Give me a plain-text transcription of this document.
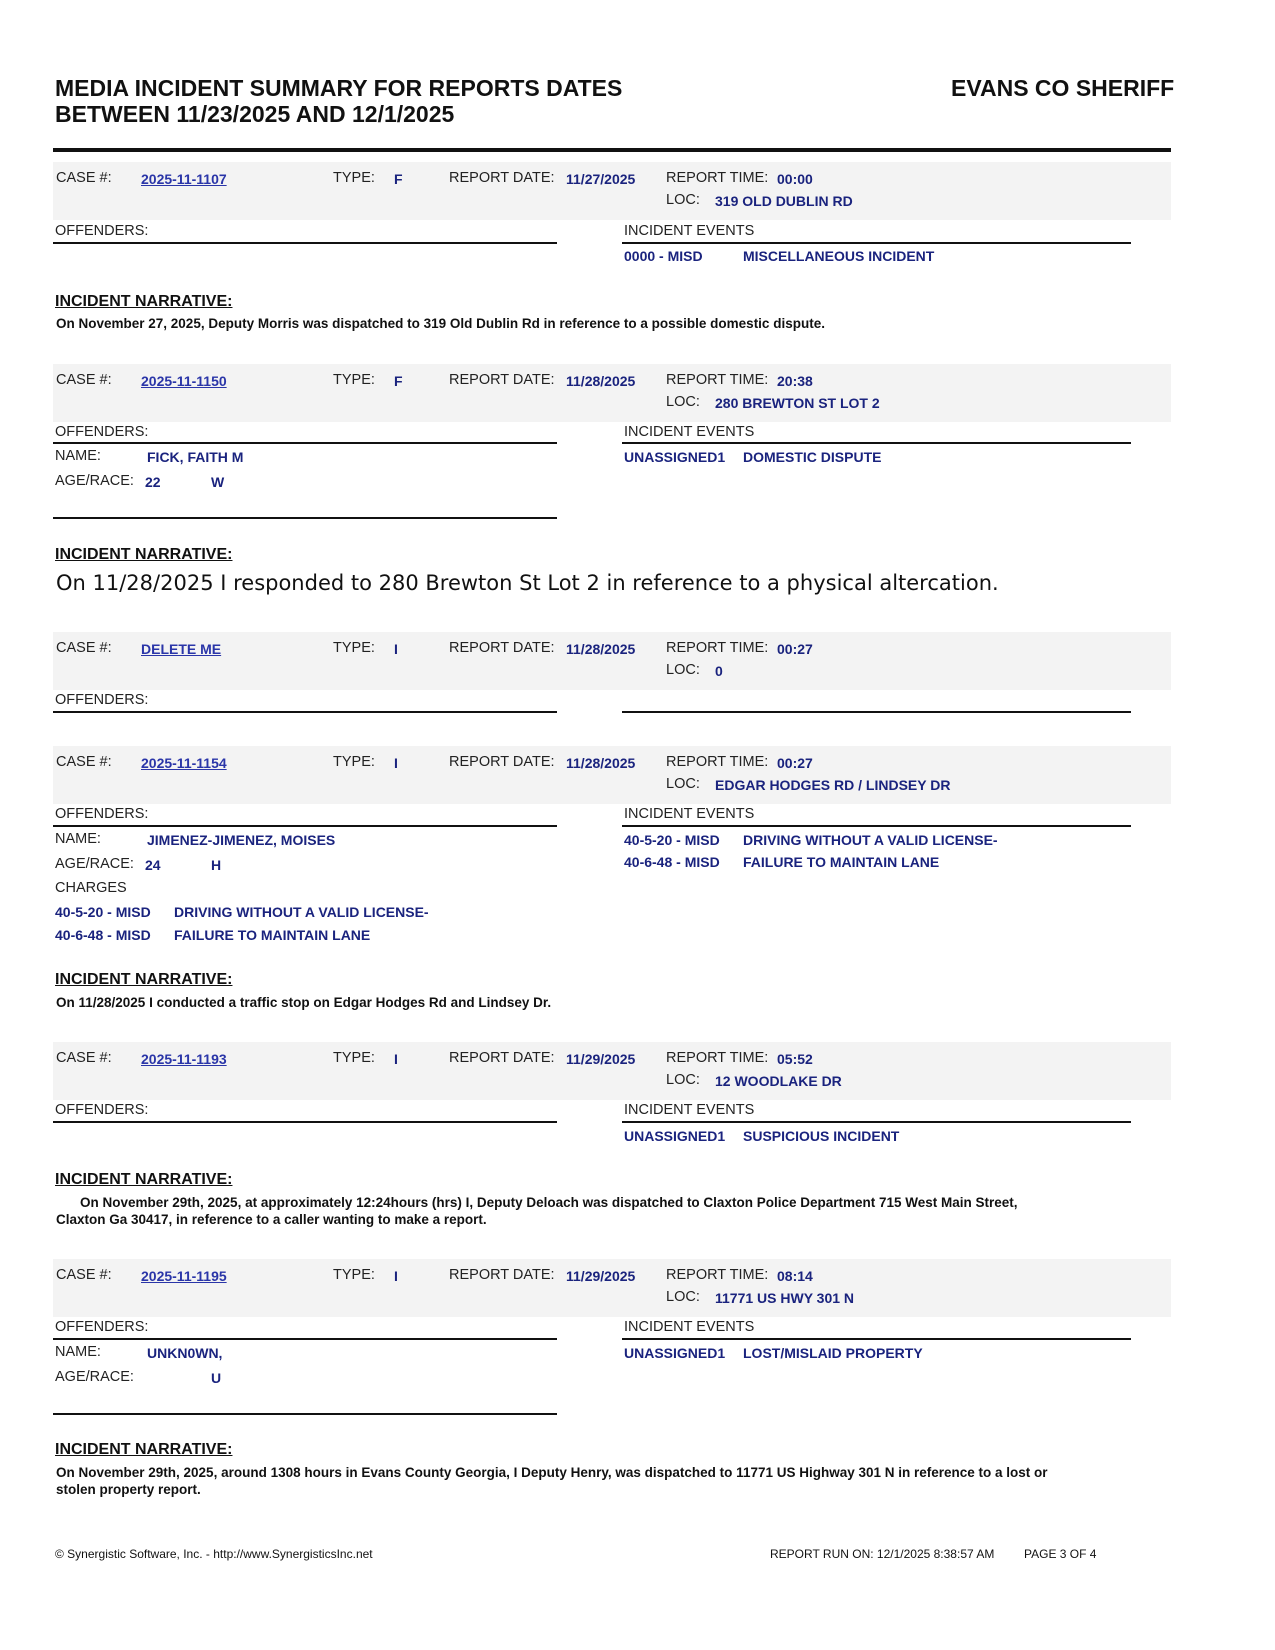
MEDIA INCIDENT SUMMARY FOR REPORTS DATES
BETWEEN 11/23/2025 AND 12/1/2025
EVANS CO SHERIFF
CASE #: 2025-11-1107	TYPE: F	REPORT DATE: 11/27/2025 REPORT TIME: 00:00
LOC: 319 OLD DUBLIN RD
OFFENDERS:	INCIDENT EVENTS
0000 - MISD	MISCELLANEOUS INCIDENT
INCIDENT NARRATIVE:
On November 27, 2025, Deputy Morris was dispatched to 319 Old Dublin Rd in reference to a possible domestic dispute.
CASE #: 2025-11-1150	TYPE: F	REPORT DATE: 11/28/2025 REPORT TIME: 20:38
LOC: 280 BREWTON ST LOT 2
OFFENDERS:
NAME:	FICK, FAITH M
AGE/RACE: 22	W
INCIDENT EVENTS
UNASSIGNED1 DOMESTIC DISPUTE
INCIDENT NARRATIVE:
On 11/28/2025 I responded to 280 Brewton St Lot 2 in reference to a physical altercation.
CASE #: DELETE ME	TYPE: I	REPORT DATE: 11/28/2025 REPORT TIME: 00:27
LOC: 0
OFFENDERS:
CASE #: 2025-11-1154	TYPE: I	REPORT DATE: 11/28/2025 REPORT TIME: 00:27
LOC: EDGAR HODGES RD / LINDSEY DR
OFFENDERS:
NAME:	JIMENEZ-JIMENEZ, MOISES
AGE/RACE: 24	H
CHARGES
40-5-20 - MISD DRIVING WITHOUT A VALID LICENSE-
40-6-48 - MISD FAILURE TO MAINTAIN LANE
INCIDENT EVENTS
40-5-20 - MISD DRIVING WITHOUT A VALID LICENSE-
40-6-48 - MISD FAILURE TO MAINTAIN LANE
INCIDENT NARRATIVE:
On 11/28/2025 I conducted a traffic stop on Edgar Hodges Rd and Lindsey Dr.
CASE #: 2025-11-1193	TYPE: I	REPORT DATE: 11/29/2025 REPORT TIME: 05:52
LOC: 12 WOODLAKE DR
OFFENDERS:	INCIDENT EVENTS
UNASSIGNED1 SUSPICIOUS INCIDENT
INCIDENT NARRATIVE:
On November 29th, 2025, at approximately 12:24hours (hrs) I, Deputy Deloach was dispatched to Claxton Police Department 715 West Main Street,
Claxton Ga 30417, in reference to a caller wanting to make a report.
CASE #: 2025-11-1195	TYPE: I	REPORT DATE: 11/29/2025 REPORT TIME: 08:14
LOC: 11771 US HWY 301 N
OFFENDERS:
NAME:	UNKN0WN,
AGE/RACE:	U
INCIDENT EVENTS
UNASSIGNED1 LOST/MISLAID PROPERTY
INCIDENT NARRATIVE:
On November 29th, 2025, around 1308 hours in Evans County Georgia, I Deputy Henry, was dispatched to 11771 US Highway 301 N in reference to a lost or
stolen property report.
© Synergistic Software, Inc. - http://www.SynergisticsInc.net	REPORT RUN ON: 12/1/2025 8:38:57 AM PAGE 3 OF 4
